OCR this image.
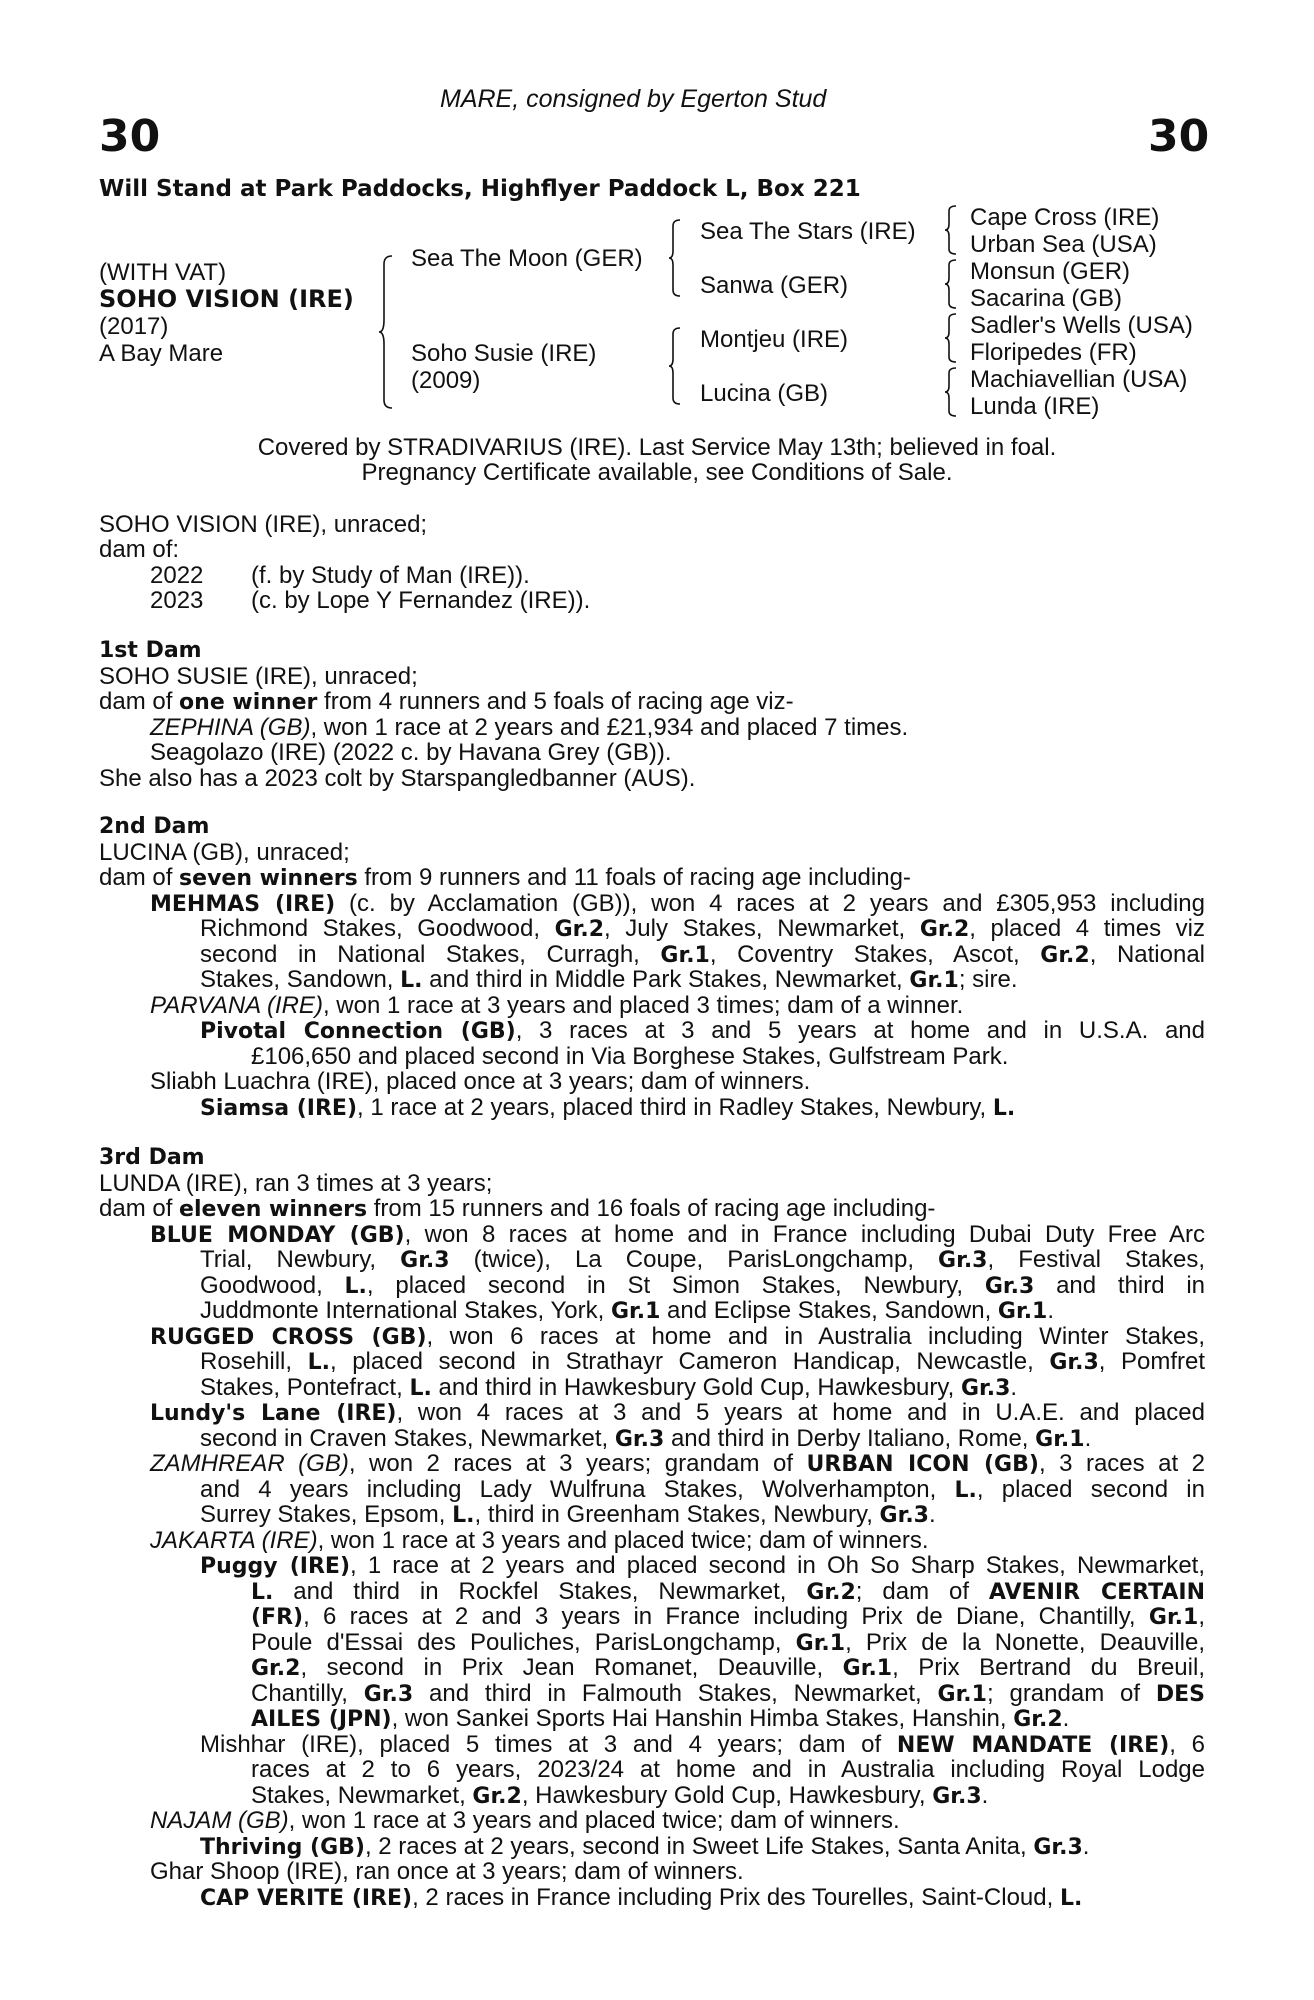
MARE, consigned by Egerton Stud
30	30
Will Stand at Park Paddocks, Highflyer Paddock L, Box 221
(WITH VAT)
SOHO VISION (IRE)
(2017)
A Bay Mare
Sea The Moon (GER)
Soho Susie (IRE)
(2009)
Sea The Stars (IRE)
Sanwa (GER)
Montjeu (IRE)
Lucina (GB)
Cape Cross (IRE)
Urban Sea (USA)
Monsun (GER)
Sacarina (GB)
Sadler's Wells (USA)
Floripedes (FR)
Machiavellian (USA)
Lunda (IRE)
Covered by STRADIVARIUS (IRE). Last Service May 13th; believed in foal.
Pregnancy Certificate available, see Conditions of Sale.
SOHO VISION (IRE), unraced;
dam of:
2022 (f. by Study of Man (IRE)).
2023 (c. by Lope Y Fernandez (IRE)).
1st Dam
SOHO SUSIE (IRE), unraced;
dam of one winner from 4 runners and 5 foals of racing age viz-
ZEPHINA (GB), won 1 race at 2 years and £21,934 and placed 7 times.
Seagolazo (IRE) (2022 c. by Havana Grey (GB)).
She also has a 2023 colt by Starspangledbanner (AUS).
2nd Dam
LUCINA (GB), unraced;
dam of seven winners from 9 runners and 11 foals of racing age including-
MEHMAS (IRE) (c. by Acclamation (GB)), won 4 races at 2 years and £305,953 including
Richmond Stakes, Goodwood, Gr.2, July Stakes, Newmarket, Gr.2, placed 4 times viz
second in National Stakes, Curragh, Gr.1, Coventry Stakes, Ascot, Gr.2, National
Stakes, Sandown, L. and third in Middle Park Stakes, Newmarket, Gr.1; sire.
PARVANA (IRE), won 1 race at 3 years and placed 3 times; dam of a winner.
Pivotal Connection (GB), 3 races at 3 and 5 years at home and in U.S.A. and
£106,650 and placed second in Via Borghese Stakes, Gulfstream Park.
Sliabh Luachra (IRE), placed once at 3 years; dam of winners.
Siamsa (IRE), 1 race at 2 years, placed third in Radley Stakes, Newbury, L.
3rd Dam
LUNDA (IRE), ran 3 times at 3 years;
dam of eleven winners from 15 runners and 16 foals of racing age including-
BLUE MONDAY (GB), won 8 races at home and in France including Dubai Duty Free Arc
Trial, Newbury, Gr.3 (twice), La Coupe, ParisLongchamp, Gr.3, Festival Stakes,
Goodwood, L., placed second in St Simon Stakes, Newbury, Gr.3 and third in
Juddmonte International Stakes, York, Gr.1 and Eclipse Stakes, Sandown, Gr.1.
RUGGED CROSS (GB), won 6 races at home and in Australia including Winter Stakes,
Rosehill, L., placed second in Strathayr Cameron Handicap, Newcastle, Gr.3, Pomfret
Stakes, Pontefract, L. and third in Hawkesbury Gold Cup, Hawkesbury, Gr.3.
Lundy's Lane (IRE), won 4 races at 3 and 5 years at home and in U.A.E. and placed
second in Craven Stakes, Newmarket, Gr.3 and third in Derby Italiano, Rome, Gr.1.
ZAMHREAR (GB), won 2 races at 3 years; grandam of URBAN ICON (GB), 3 races at 2
and 4 years including Lady Wulfruna Stakes, Wolverhampton, L., placed second in
Surrey Stakes, Epsom, L., third in Greenham Stakes, Newbury, Gr.3.
JAKARTA (IRE), won 1 race at 3 years and placed twice; dam of winners.
Puggy (IRE), 1 race at 2 years and placed second in Oh So Sharp Stakes, Newmarket,
L. and third in Rockfel Stakes, Newmarket, Gr.2; dam of AVENIR CERTAIN
(FR), 6 races at 2 and 3 years in France including Prix de Diane, Chantilly, Gr.1,
Poule d'Essai des Pouliches, ParisLongchamp, Gr.1, Prix de la Nonette, Deauville,
Gr.2, second in Prix Jean Romanet, Deauville, Gr.1, Prix Bertrand du Breuil,
Chantilly, Gr.3 and third in Falmouth Stakes, Newmarket, Gr.1; grandam of DES
AILES (JPN), won Sankei Sports Hai Hanshin Himba Stakes, Hanshin, Gr.2.
Mishhar (IRE), placed 5 times at 3 and 4 years; dam of NEW MANDATE (IRE), 6
races at 2 to 6 years, 2023/24 at home and in Australia including Royal Lodge
Stakes, Newmarket, Gr.2, Hawkesbury Gold Cup, Hawkesbury, Gr.3.
NAJAM (GB), won 1 race at 3 years and placed twice; dam of winners.
Thriving (GB), 2 races at 2 years, second in Sweet Life Stakes, Santa Anita, Gr.3.
Ghar Shoop (IRE), ran once at 3 years; dam of winners.
CAP VERITE (IRE), 2 races in France including Prix des Tourelles, Saint-Cloud, L.
